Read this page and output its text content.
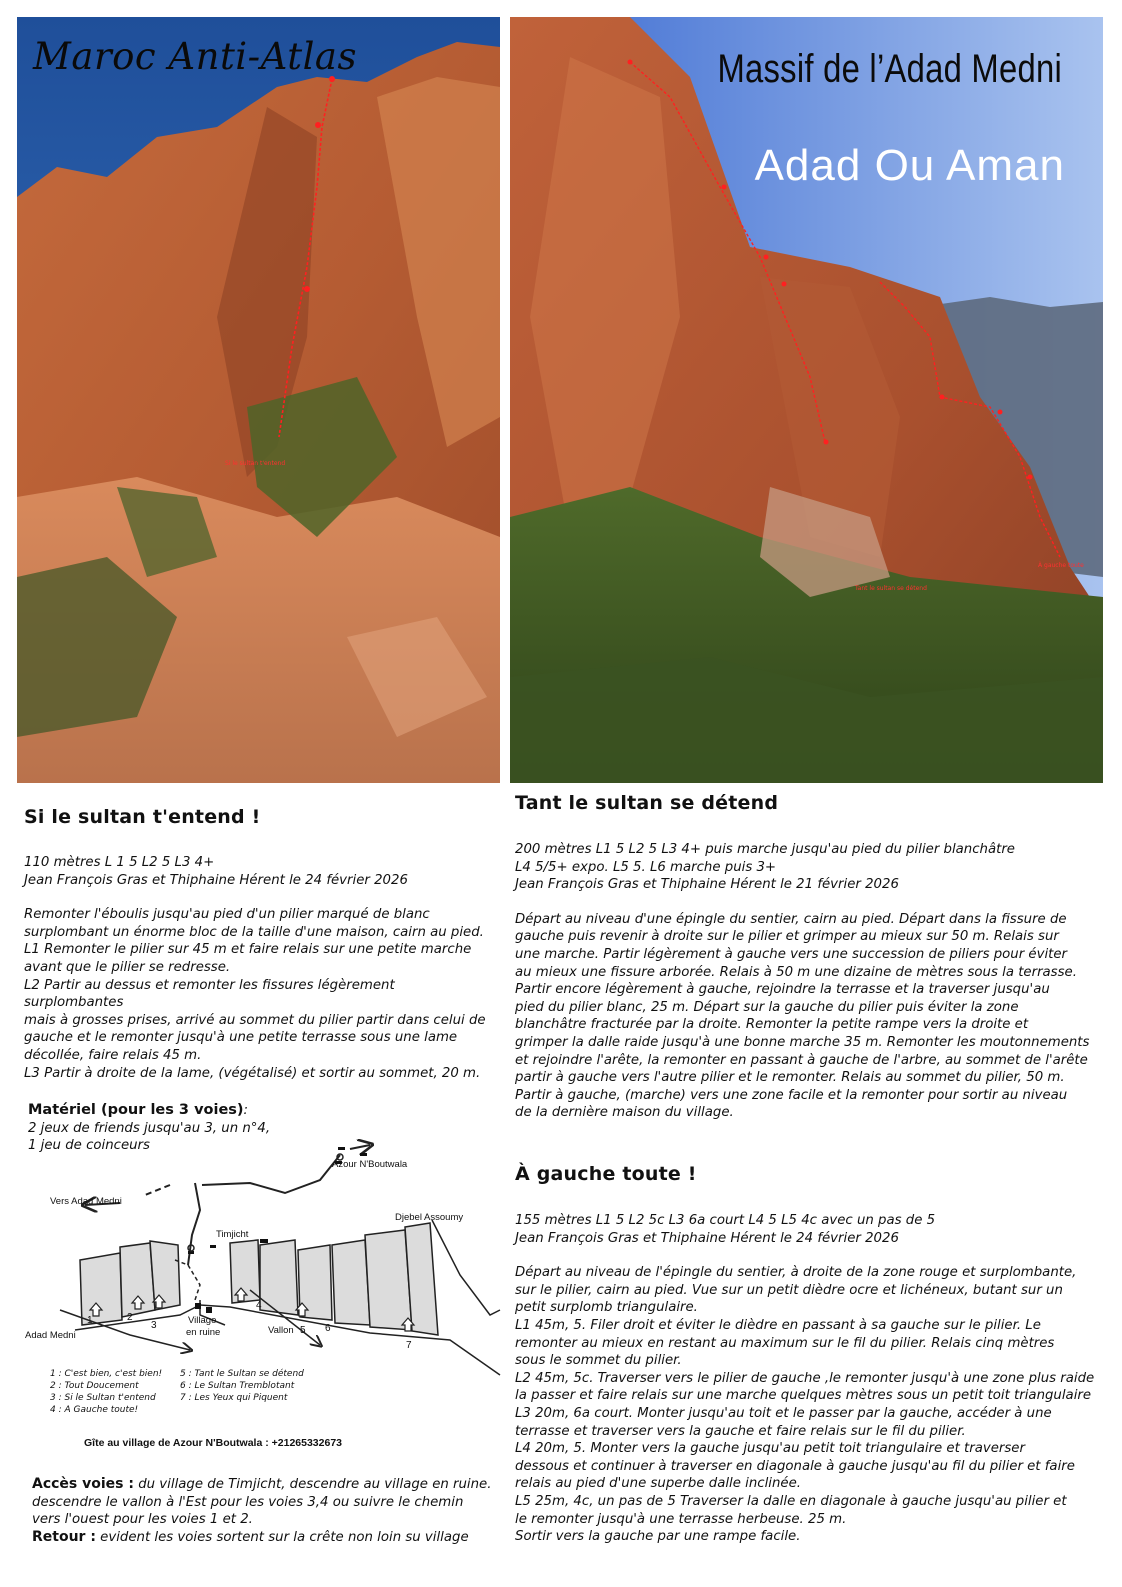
Maroc Anti-Atlas
Si le sultan t'entend
Massif de l’Adad Medni
Adad Ou Aman
Tant le sultan se détend
À gauche toute
Si le sultan t'entend !

110 mètres L 1 5 L2 5 L3 4+

Jean François Gras et Thiphaine Hérent le 24 février 2026

Remonter l'éboulis jusqu'au pied d'un pilier marqué de blanc

surplombant un énorme bloc de la taille d'une maison, cairn au pied.

L1 Remonter le pilier sur 45 m et faire relais sur une petite marche

avant que le pilier se redresse.

L2 Partir au dessus et remonter les fissures légèrement surplombantes

mais à grosses prises, arrivé au sommet du pilier partir dans celui de

gauche et le remonter jusqu'à une petite terrasse sous une lame

décollée, faire relais 45 m.

L3 Partir à droite de la lame, (végétalisé) et sortir au sommet, 20 m.

Matériel (pour les 3 voies):

2 jeux de friends jusqu'au 3, un n°4,

1 jeu de coinceurs

Azour N'Boutwala
Vers Adad Medni
Djebel Assoumy
Timjicht
Adad Medni
Village
en ruine	Vallon
1	2
3
4
5 6
7
1 : C'est bien, c'est bien!
2 : Tout Doucement
3 : Si le Sultan t'entend
4 : A Gauche toute!
5 : Tant le Sultan se détend
6 : Le Sultan Tremblotant
7 : Les Yeux qui Piquent
Gîte au village de Azour N'Boutwala : +21265332673

Accès voies : du village de Timjicht, descendre au village en ruine.

descendre le vallon à l'Est pour les voies 3,4 ou suivre le chemin

vers l'ouest pour les voies 1 et 2.

Retour : evident les voies sortent sur la crête non loin su village

Tant le sultan se détend

200 mètres L1 5 L2 5 L3 4+ puis marche jusqu'au pied du pilier blanchâtre

L4 5/5+ expo. L5 5. L6 marche puis 3+

Jean François Gras et Thiphaine Hérent le 21 février 2026

Départ au niveau d'une épingle du sentier, cairn au pied. Départ dans la fissure de

gauche puis revenir à droite sur le pilier et grimper au mieux sur 50 m. Relais sur

une marche. Partir légèrement à gauche vers une succession de piliers pour éviter

au mieux une fissure arborée. Relais à 50 m une dizaine de mètres sous la terrasse.

Partir encore légèrement à gauche, rejoindre la terrasse et la traverser jusqu'au

pied du pilier blanc, 25 m. Départ sur la gauche du pilier puis éviter la zone

blanchâtre fracturée par la droite. Remonter la petite rampe vers la droite et

grimper la dalle raide jusqu'à une bonne marche 35 m. Remonter les moutonnements

et rejoindre l'arête, la remonter en passant à gauche de l'arbre, au sommet de l'arête

partir à gauche vers l'autre pilier et le remonter. Relais au sommet du pilier, 50 m.

Partir à gauche, (marche) vers une zone facile et la remonter pour sortir au niveau

de la dernière maison du village.

À gauche toute !

155 mètres L1 5 L2 5c L3 6a court L4 5 L5 4c avec un pas de 5

Jean François Gras et Thiphaine Hérent le 24 février 2026

Départ au niveau de l'épingle du sentier, à droite de la zone rouge et surplombante,

sur le pilier, cairn au pied. Vue sur un petit dièdre ocre et lichéneux, butant sur un

petit surplomb triangulaire.

L1 45m, 5. Filer droit et éviter le dièdre en passant à sa gauche sur le pilier. Le

remonter au mieux en restant au maximum sur le fil du pilier. Relais cinq mètres

sous le sommet du pilier.

L2 45m, 5c. Traverser vers le pilier de gauche ,le remonter jusqu'à une zone plus raide

la passer et faire relais sur une marche quelques mètres sous un petit toit triangulaire

L3 20m, 6a court. Monter jusqu'au toit et le passer par la gauche, accéder à une

terrasse et traverser vers la gauche et faire relais sur le fil du pilier.

L4 20m, 5. Monter vers la gauche jusqu'au petit toit triangulaire et traverser

dessous et continuer à traverser en diagonale à gauche jusqu'au fil du pilier et faire

relais au pied d'une superbe dalle inclinée.

L5 25m, 4c, un pas de 5 Traverser la dalle en diagonale à gauche jusqu'au pilier et

le remonter jusqu'à une terrasse herbeuse. 25 m.

Sortir vers la gauche par une rampe facile.
